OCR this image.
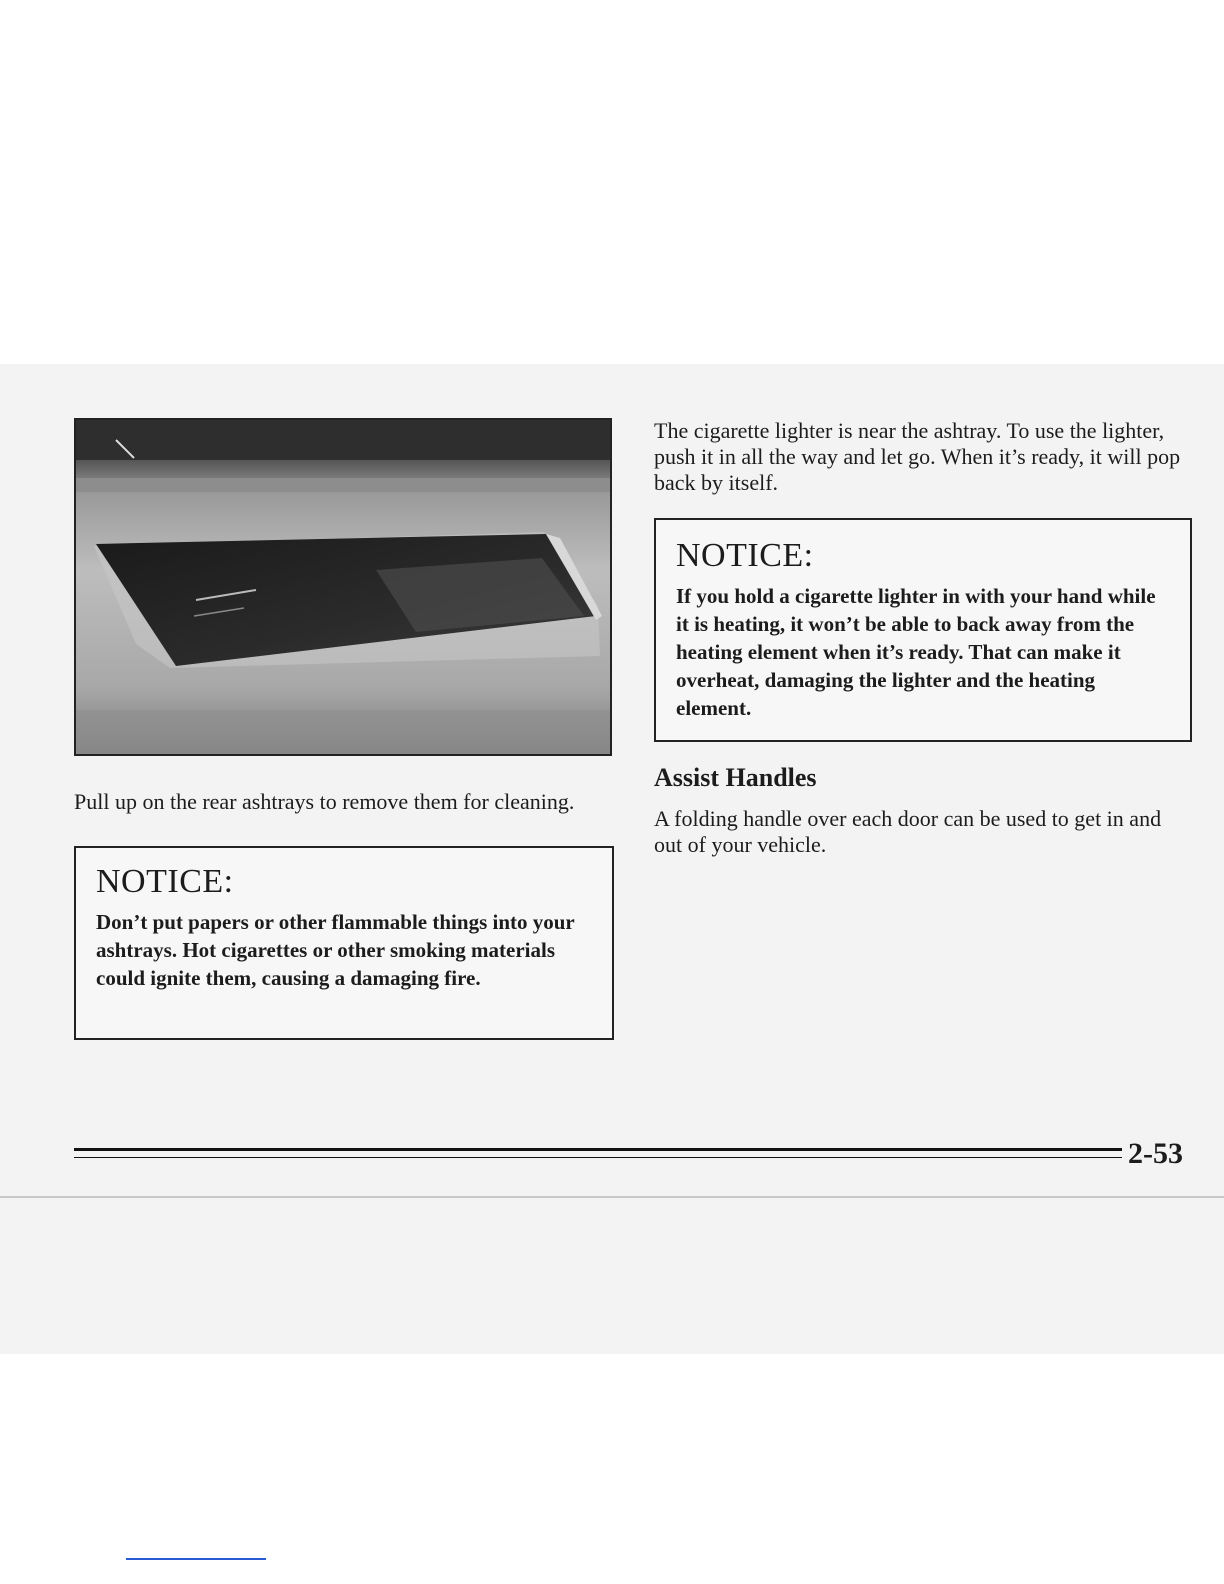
Pull up on the rear ashtrays to remove them for cleaning.

NOTICE:

Don’t put papers or other flammable things into your ashtrays. Hot cigarettes or other smoking materials could ignite them, causing a damaging fire.

The cigarette lighter is near the ashtray. To use the lighter, push it in all the way and let go. When it’s ready, it will pop back by itself.

NOTICE:

If you hold a cigarette lighter in with your hand while it is heating, it won’t be able to back away from the heating element when it’s ready. That can make it overheat, damaging the lighter and the heating element.

Assist Handles

A folding handle over each door can be used to get in and out of your vehicle.

2-53
